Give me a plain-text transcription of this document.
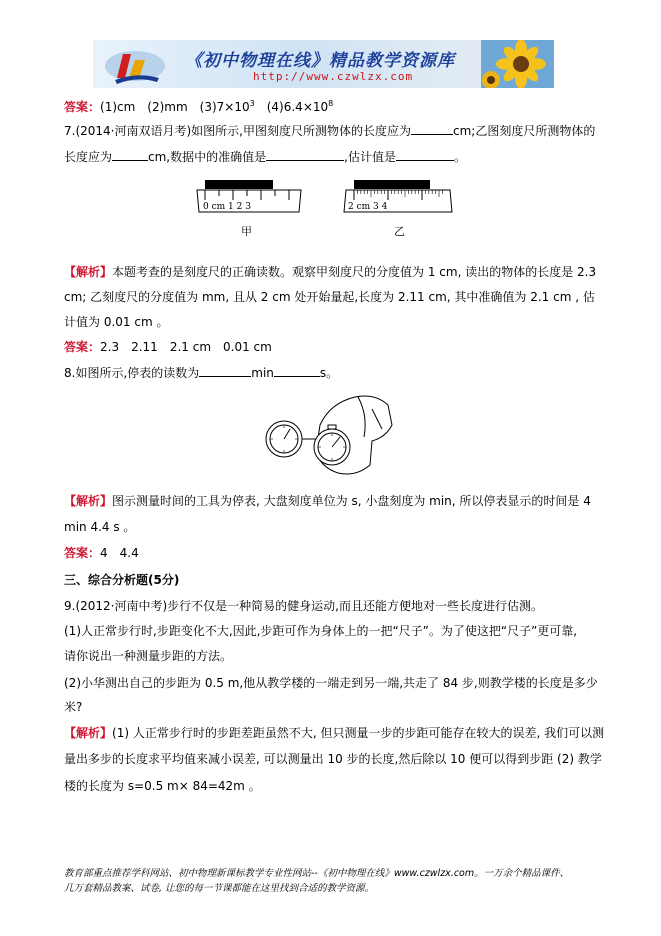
《初中物理在线》精品教学资源库
http://www.czwlzx.com
答案：(1)cm　(2)mm　$(3)7\times 10^3$　$(4)6.4\times 10^8$
7.(2014·河南双语月考)如图所示,甲图刻度尺所测物体的长度应为	cm;乙图刻度尺所测物体的
长度应为	cm,数据中的准确值是	,估计值是	。
0 cm 1 2 3	2 cm 3 4
甲	乙
【解析】本题考查的是刻度尺的正确读数。观察甲刻度尺的分度值为 1 cm, 读出的物体的长度是 2.3
cm; 乙刻度尺的分度值为 mm, 且从 2 cm 处开始量起,长度为 2.11 cm, 其中准确值为 2.1 cm , 估
计值为 0.01 cm 。
答案：2.3　2.11　2.1 cm　0.01 cm
8.如图所示,停表的读数为	min	s。
【解析】图示测量时间的工具为停表, 大盘刻度单位为 s, 小盘刻度为 min, 所以停表显示的时间是 4
min 4.4 s 。
答案：4　4.4
三、综合分析题(5分)
9.(2012·河南中考)步行不仅是一种简易的健身运动,而且还能方便地对一些长度进行估测。
(1)人正常步行时,步距变化不大,因此,步距可作为身体上的一把“尺子”。为了使这把“尺子”更可靠,
请你说出一种测量步距的方法。
(2)小华测出自己的步距为 0.5 m,他从教学楼的一端走到另一端,共走了 84 步,则教学楼的长度是多少
米?
【解析】(1) 人正常步行时的步距差距虽然不大, 但只测量一步的步距可能存在较大的误差, 我们可以测
量出多步的长度求平均值来减小误差, 可以测量出 10 步的长度,然后除以 10 便可以得到步距 (2) 教学
楼的长度为 s=0.5 m× 84=42m 。
教育部重点推荐学科网站、初中物理新课标教学专业性网站--《初中物理在线》www.czwlzx.com。一万余个精品课件、
几万套精品教案、试卷, 让您的每一节课都能在这里找到合适的教学资源。
